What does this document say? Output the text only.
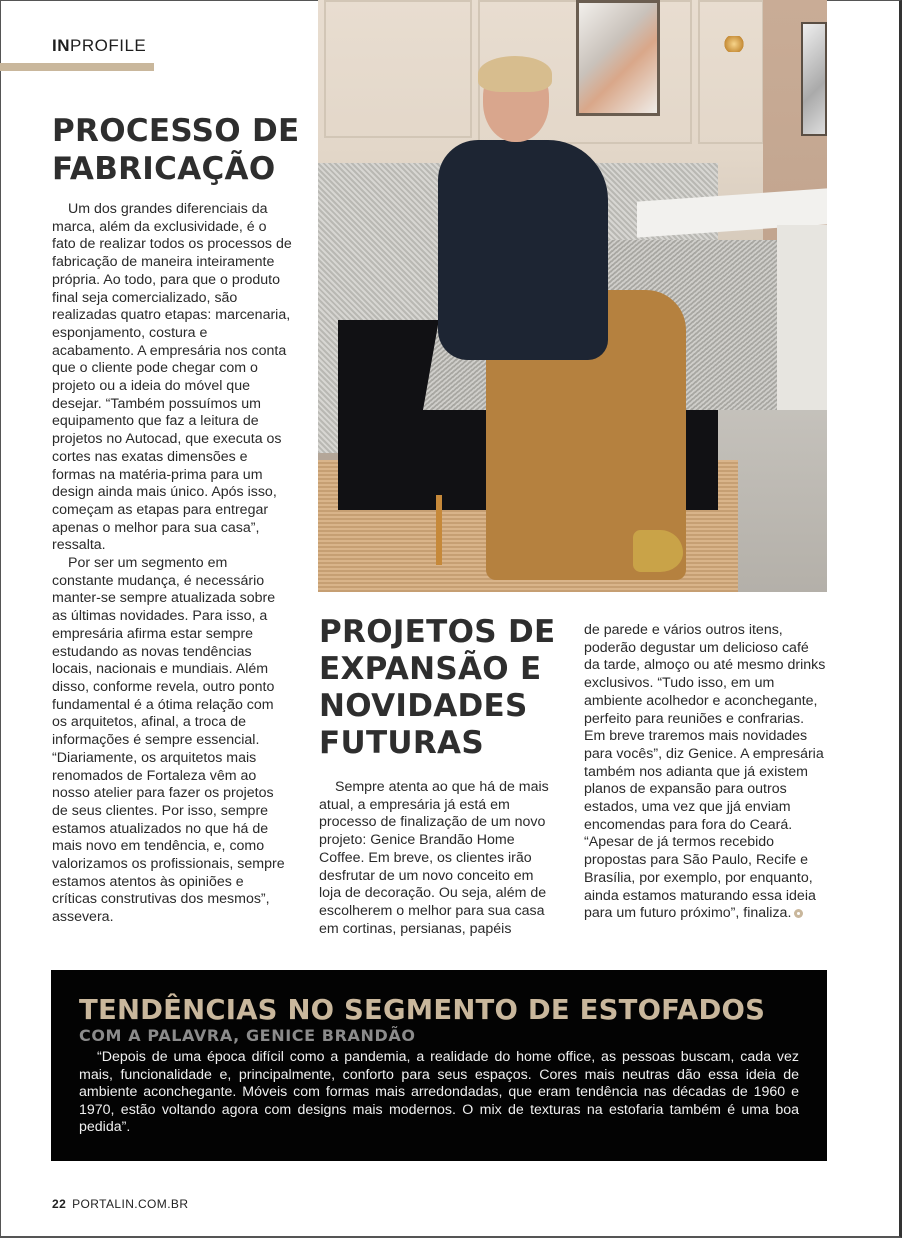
INPROFILE
PROCESSO DE
FABRICAÇÃO

Um dos grandes diferenciais da marca, além da exclusividade, é o fato de realizar todos os processos de fabricação de maneira inteiramente própria. Ao todo, para que o produto final seja comercializado, são realizadas quatro etapas: marcenaria, esponjamento, costura e acabamento. A empresária nos conta que o cliente pode chegar com o projeto ou a ideia do móvel que desejar. “Também possuímos um equipamento que faz a leitura de projetos no Autocad, que executa os cortes nas exatas dimensões e formas na matéria-prima para um design ainda mais único. Após isso, começam as etapas para entregar apenas o melhor para sua casa”, ressalta.

Por ser um segmento em constante mudança, é necessário manter-se sempre atualizada sobre as últimas novidades. Para isso, a empresária afirma estar sempre estudando as novas tendências locais, nacionais e mundiais. Além disso, conforme revela, outro ponto fundamental é a ótima relação com os arquitetos, afinal, a troca de informações é sempre essencial. “Diariamente, os arquitetos mais renomados de Fortaleza vêm ao nosso atelier para fazer os projetos de seus clientes. Por isso, sempre estamos atualizados no que há de mais novo em tendência, e, como valorizamos os profissionais, sempre estamos atentos às opiniões e críticas construtivas dos mesmos”, assevera.

PROJETOS DE
EXPANSÃO E
NOVIDADES
FUTURAS

Sempre atenta ao que há de mais atual, a empresária já está em processo de finalização de um novo projeto: Genice Brandão Home Coffee. Em breve, os clientes irão desfrutar de um novo conceito em loja de decoração. Ou seja, além de escolherem o melhor para sua casa em cortinas, persianas, papéis

de parede e vários outros itens, poderão degustar um delicioso café da tarde, almoço ou até mesmo drinks exclusivos. “Tudo isso, em um ambiente acolhedor e aconchegante, perfeito para reuniões e confrarias. Em breve traremos mais novidades para vocês”, diz Genice. A empresária também nos adianta que já existem planos de expansão para outros estados, uma vez que jjá enviam encomendas para fora do Ceará. “Apesar de já termos recebido propostas para São Paulo, Recife e Brasília, por exemplo, por enquanto, ainda estamos maturando essa ideia para um futuro próximo”, finaliza.

TENDÊNCIAS NO SEGMENTO DE ESTOFADOS
COM A PALAVRA, GENICE BRANDÃO

“Depois de uma época difícil como a pandemia, a realidade do home office, as pessoas buscam, cada vez mais, funcionalidade e, principalmente, conforto para seus espaços. Cores mais neutras dão essa ideia de ambiente aconchegante. Móveis com formas mais arredondadas, que eram tendência nas décadas de 1960 e 1970, estão voltando agora com designs mais modernos. O mix de texturas na estofaria também é uma boa pedida”.

22 PORTALIN.COM.BR
